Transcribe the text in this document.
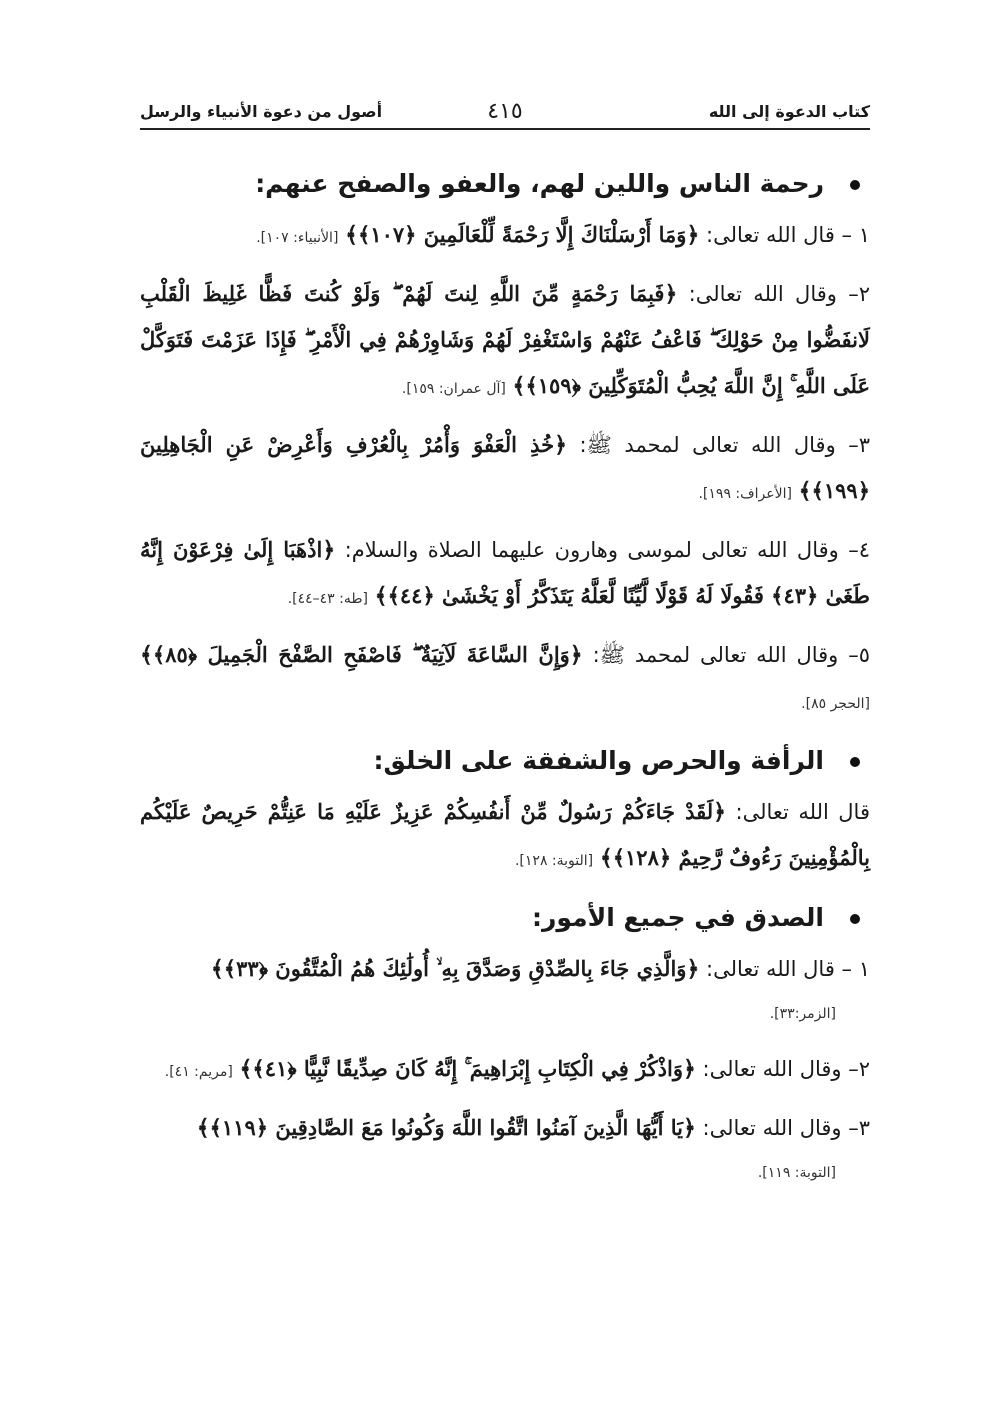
كتاب الدعوة إلى الله
٤١٥
أصول من دعوة الأنبياء والرسل
رحمة الناس واللين لهم، والعفو والصفح عنهم:

١ – قال الله تعالى: ﴿وَمَا أَرْسَلْنَاكَ إِلَّا رَحْمَةً لِّلْعَالَمِينَ ﴿١٠٧﴾﴾ [الأنبياء: ١٠٧].

٢– وقال الله تعالى: ﴿فَبِمَا رَحْمَةٍ مِّنَ اللَّهِ لِنتَ لَهُمْ ۖ وَلَوْ كُنتَ فَظًّا غَلِيظَ الْقَلْبِ لَانفَضُّوا مِنْ حَوْلِكَ ۖ فَاعْفُ عَنْهُمْ وَاسْتَغْفِرْ لَهُمْ وَشَاوِرْهُمْ فِي الْأَمْرِ ۖ فَإِذَا عَزَمْتَ فَتَوَكَّلْ عَلَى اللَّهِ ۚ إِنَّ اللَّهَ يُحِبُّ الْمُتَوَكِّلِينَ ﴿١٥٩﴾﴾ [آل عمران: ١٥٩].

٣– وقال الله تعالى لمحمد ﷺ: ﴿خُذِ الْعَفْوَ وَأْمُرْ بِالْعُرْفِ وَأَعْرِضْ عَنِ الْجَاهِلِينَ ﴿١٩٩﴾﴾ [الأعراف: ١٩٩].

٤– وقال الله تعالى لموسى وهارون عليهما الصلاة والسلام: ﴿اذْهَبَا إِلَىٰ فِرْعَوْنَ إِنَّهُ طَغَىٰ ﴿٤٣﴾ فَقُولَا لَهُ قَوْلًا لَّيِّنًا لَّعَلَّهُ يَتَذَكَّرُ أَوْ يَخْشَىٰ ﴿٤٤﴾﴾ [طه: ٤٣–٤٤].

٥– وقال الله تعالى لمحمد ﷺ: ﴿وَإِنَّ السَّاعَةَ لَآتِيَةٌ ۖ فَاصْفَحِ الصَّفْحَ الْجَمِيلَ ﴿٨٥﴾﴾ [الحجر ٨٥].

الرأفة والحرص والشفقة على الخلق:

قال الله تعالى: ﴿لَقَدْ جَاءَكُمْ رَسُولٌ مِّنْ أَنفُسِكُمْ عَزِيزٌ عَلَيْهِ مَا عَنِتُّمْ حَرِيصٌ عَلَيْكُم بِالْمُؤْمِنِينَ رَءُوفٌ رَّحِيمٌ ﴿١٢٨﴾﴾ [التوبة: ١٢٨].

الصدق في جميع الأمور:

١ – قال الله تعالى: ﴿وَالَّذِي جَاءَ بِالصِّدْقِ وَصَدَّقَ بِهِ ۙ أُولَٰئِكَ هُمُ الْمُتَّقُونَ ﴿٣٣﴾﴾

[الزمر:٣٣].

٢– وقال الله تعالى: ﴿وَاذْكُرْ فِي الْكِتَابِ إِبْرَاهِيمَ ۚ إِنَّهُ كَانَ صِدِّيقًا نَّبِيًّا ﴿٤١﴾﴾ [مريم: ٤١].

٣– وقال الله تعالى: ﴿يَا أَيُّهَا الَّذِينَ آمَنُوا اتَّقُوا اللَّهَ وَكُونُوا مَعَ الصَّادِقِينَ ﴿١١٩﴾﴾

[التوبة: ١١٩].
